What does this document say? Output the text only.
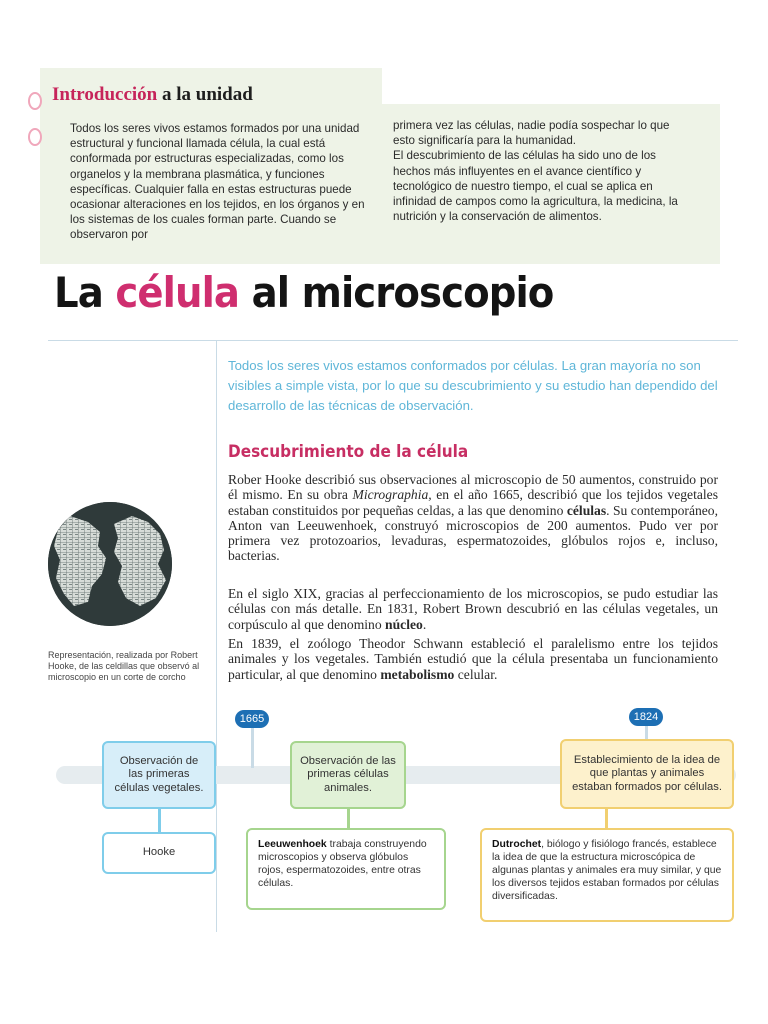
Introducción a la unidad
Todos los seres vivos estamos formados por una unidad estructural y funcional llamada célula, la cual está conformada por estructuras especializadas, como los organelos y la membrana plasmática, y funciones específicas. Cualquier falla en estas estructuras puede ocasionar alteraciones en los tejidos, en los órganos y en los sistemas de los cuales forman parte. Cuando se observaron por
primera vez las células, nadie podía sospechar lo que esto significaría para la humanidad.
El descubrimiento de las células ha sido uno de los hechos más influyentes en el avance científico y tecnológico de nuestro tiempo, el cual se aplica en infinidad de campos como la agricultura, la medicina, la nutrición y la conservación de alimentos.
La célula al microscopio
Todos los seres vivos estamos conformados por células. La gran mayoría no son visibles a simple vista, por lo que su descubrimiento y su estudio han dependido del desarrollo de las técnicas de observación.
Descubrimiento de la célula
Rober Hooke describió sus observaciones al microscopio de 50 aumentos, construido por él mismo. En su obra Micrographia, en el año 1665, describió que los tejidos vegetales estaban constituidos por pequeñas celdas, a las que denomino células. Su contemporáneo, Anton van Leeuwenhoek, construyó microscopios de 200 aumentos. Pudo ver por primera vez protozoarios, levaduras, espermatozoides, glóbulos rojos e, incluso, bacterias.
En el siglo XIX, gracias al perfeccionamiento de los microscopios, se pudo estudiar las células con más detalle. En 1831, Robert Brown descubrió en las células vegetales, un corpúsculo al que denomino núcleo.
En 1839, el zoólogo Theodor Schwann estableció el paralelismo entre los tejidos animales y los vegetales. También estudió que la célula presentaba un funcionamiento particular, al que denomino metabolismo celular.
Representación, realizada por Robert Hooke, de las celdillas que observó al microscopio en un corte de corcho
1665	1824
Observación de las primeras células vegetales.
Observación de las primeras células animales.
Establecimiento de la idea de que plantas y animales estaban formados por células.
Hooke
Leeuwenhoek trabaja construyendo microscopios y observa glóbulos rojos, espermatozoides, entre otras células.
Dutrochet, biólogo y fisiólogo francés, establece la idea de que la estructura microscópica de algunas plantas y animales era muy similar, y que los diversos tejidos estaban formados por células diversificadas.
